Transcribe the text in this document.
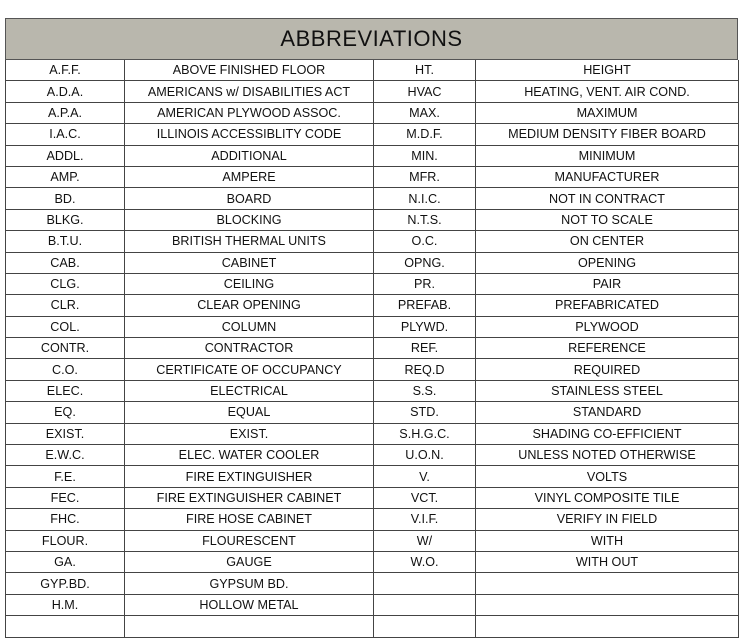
ABBREVIATIONS
A.F.F.	ABOVE FINISHED FLOOR	HT.	HEIGHT
A.D.A.	AMERICANS w/ DISABILITIES ACT	HVAC	HEATING, VENT. AIR COND.
A.P.A.	AMERICAN PLYWOOD ASSOC.	MAX.	MAXIMUM
I.A.C.	ILLINOIS ACCESSIBLITY CODE	M.D.F.	MEDIUM DENSITY FIBER BOARD
ADDL.	ADDITIONAL	MIN.	MINIMUM
AMP.	AMPERE	MFR.	MANUFACTURER
BD.	BOARD	N.I.C.	NOT IN CONTRACT
BLKG.	BLOCKING	N.T.S.	NOT TO SCALE
B.T.U.	BRITISH THERMAL UNITS	O.C.	ON CENTER
CAB.	CABINET	OPNG.	OPENING
CLG.	CEILING	PR.	PAIR
CLR.	CLEAR OPENING	PREFAB.	PREFABRICATED
COL.	COLUMN	PLYWD.	PLYWOOD
CONTR.	CONTRACTOR	REF.	REFERENCE
C.O.	CERTIFICATE OF OCCUPANCY	REQ.D	REQUIRED
ELEC.	ELECTRICAL	S.S.	STAINLESS STEEL
EQ.	EQUAL	STD.	STANDARD
EXIST.	EXIST.	S.H.G.C.	SHADING CO-EFFICIENT
E.W.C.	ELEC. WATER COOLER	U.O.N.	UNLESS NOTED OTHERWISE
F.E.	FIRE EXTINGUISHER	V.	VOLTS
FEC.	FIRE EXTINGUISHER CABINET	VCT.	VINYL COMPOSITE TILE
FHC.	FIRE HOSE CABINET	V.I.F.	VERIFY IN FIELD
FLOUR.	FLOURESCENT	W/	WITH
GA.	GAUGE	W.O.	WITH OUT
GYP.BD.	GYPSUM BD.		
H.M.	HOLLOW METAL		
